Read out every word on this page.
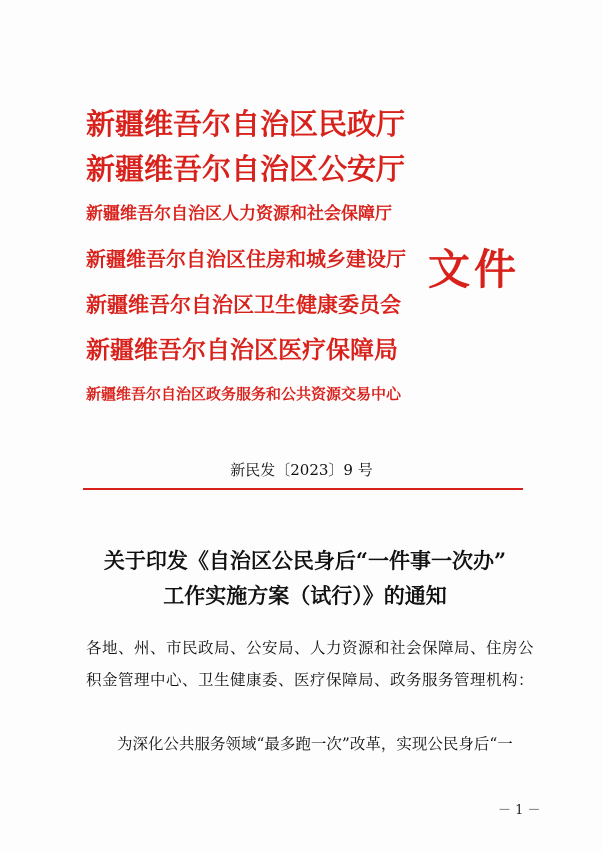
新疆维吾尔自治区民政厅
新疆维吾尔自治区公安厅
新疆维吾尔自治区人力资源和社会保障厅
新疆维吾尔自治区住房和城乡建设厅
新疆维吾尔自治区卫生健康委员会
新疆维吾尔自治区医疗保障局
新疆维吾尔自治区政务服务和公共资源交易中心
文件
新民发〔2023〕9 号
关于印发《自治区公民身后“一件事一次办”
工作实施方案（试行）》的通知
各地、州、市民政局、公安局、人力资源和社会保障局、住房公积金管理中心、卫生健康委、医疗保障局、政务服务管理机构：
为深化公共服务领域“最多跑一次”改革，实现公民身后“一
－ 1 －
